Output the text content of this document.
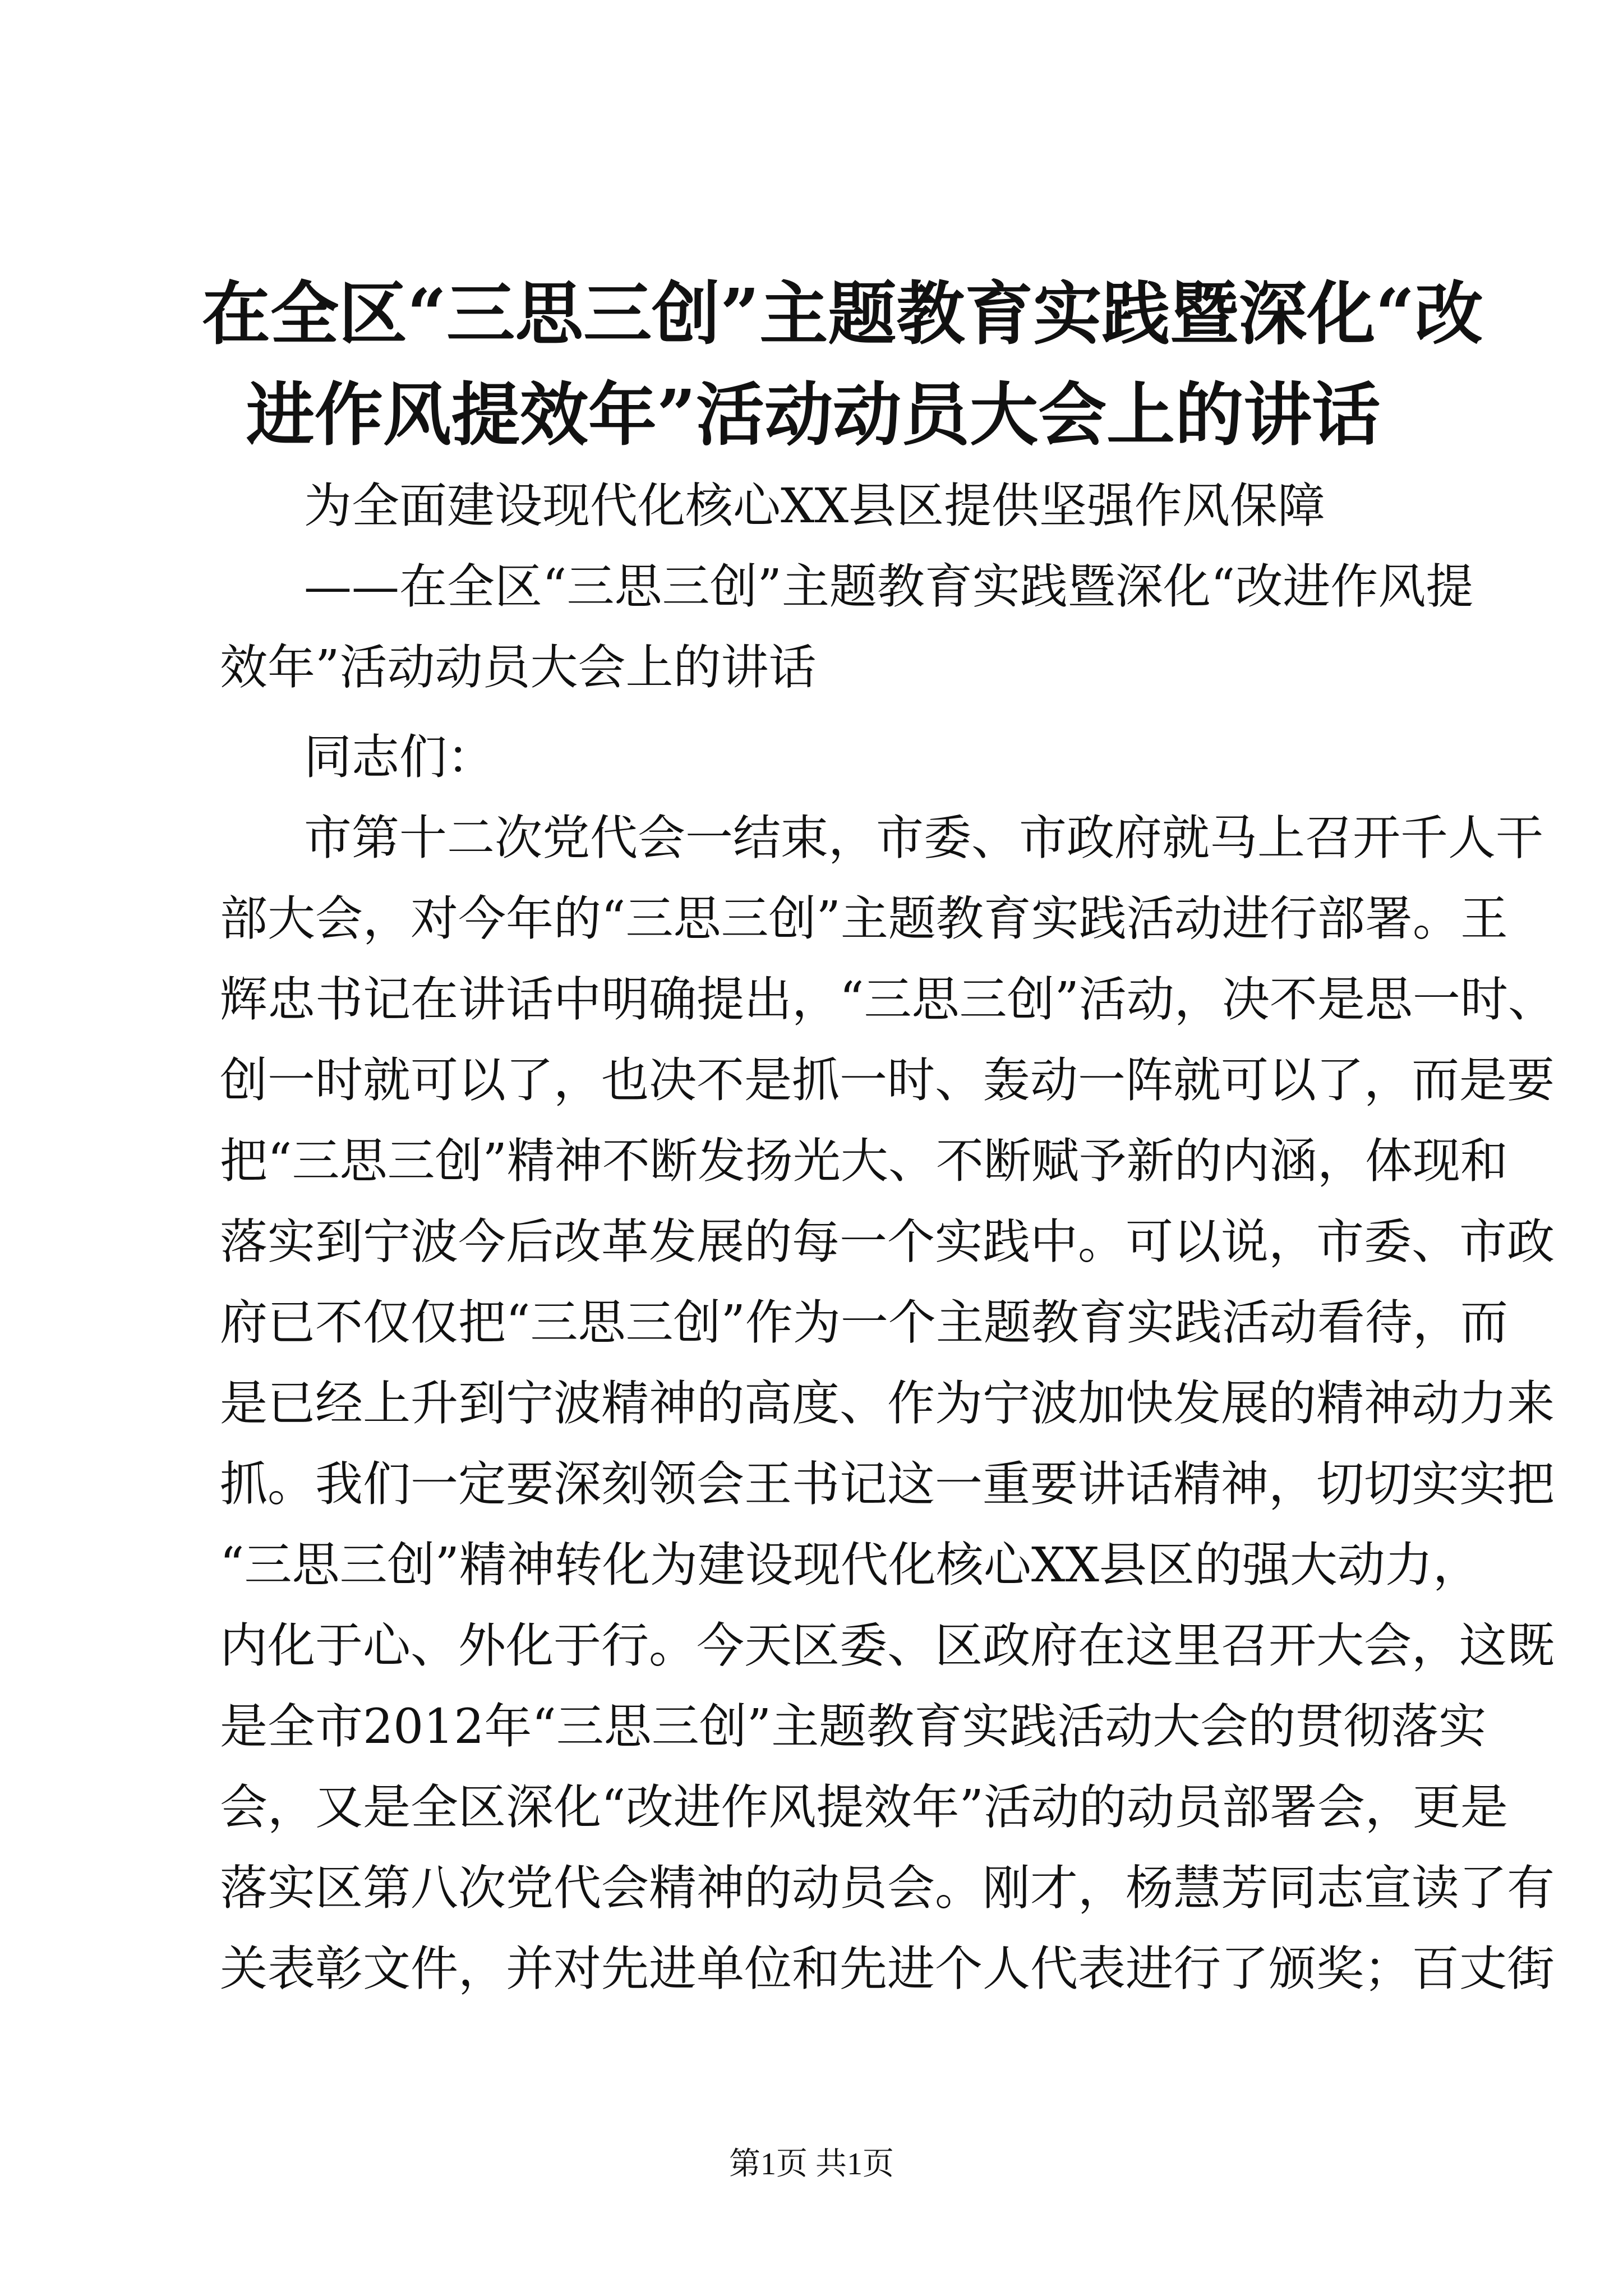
在全区“三思三创”主题教育实践暨深化“改
进作风提效年”活动动员大会上的讲话

为全面建设现代化核心XX县区提供坚强作风保障

——在全区“三思三创”主题教育实践暨深化“改进作风提

效年”活动动员大会上的讲话

同志们：

市第十二次党代会一结束，市委、市政府就马上召开千人干

部大会，对今年的“三思三创”主题教育实践活动进行部署。王

辉忠书记在讲话中明确提出，“三思三创”活动，决不是思一时、

创一时就可以了，也决不是抓一时、轰动一阵就可以了，而是要

把“三思三创”精神不断发扬光大、不断赋予新的内涵，体现和

落实到宁波今后改革发展的每一个实践中。可以说，市委、市政

府已不仅仅把“三思三创”作为一个主题教育实践活动看待，而

是已经上升到宁波精神的高度、作为宁波加快发展的精神动力来

抓。我们一定要深刻领会王书记这一重要讲话精神，切切实实把

“三思三创”精神转化为建设现代化核心XX县区的强大动力，

内化于心、外化于行。今天区委、区政府在这里召开大会，这既

是全市2012年“三思三创”主题教育实践活动大会的贯彻落实

会，又是全区深化“改进作风提效年”活动的动员部署会，更是

落实区第八次党代会精神的动员会。刚才，杨慧芳同志宣读了有

关表彰文件，并对先进单位和先进个人代表进行了颁奖；百丈街

第1页 共1页
